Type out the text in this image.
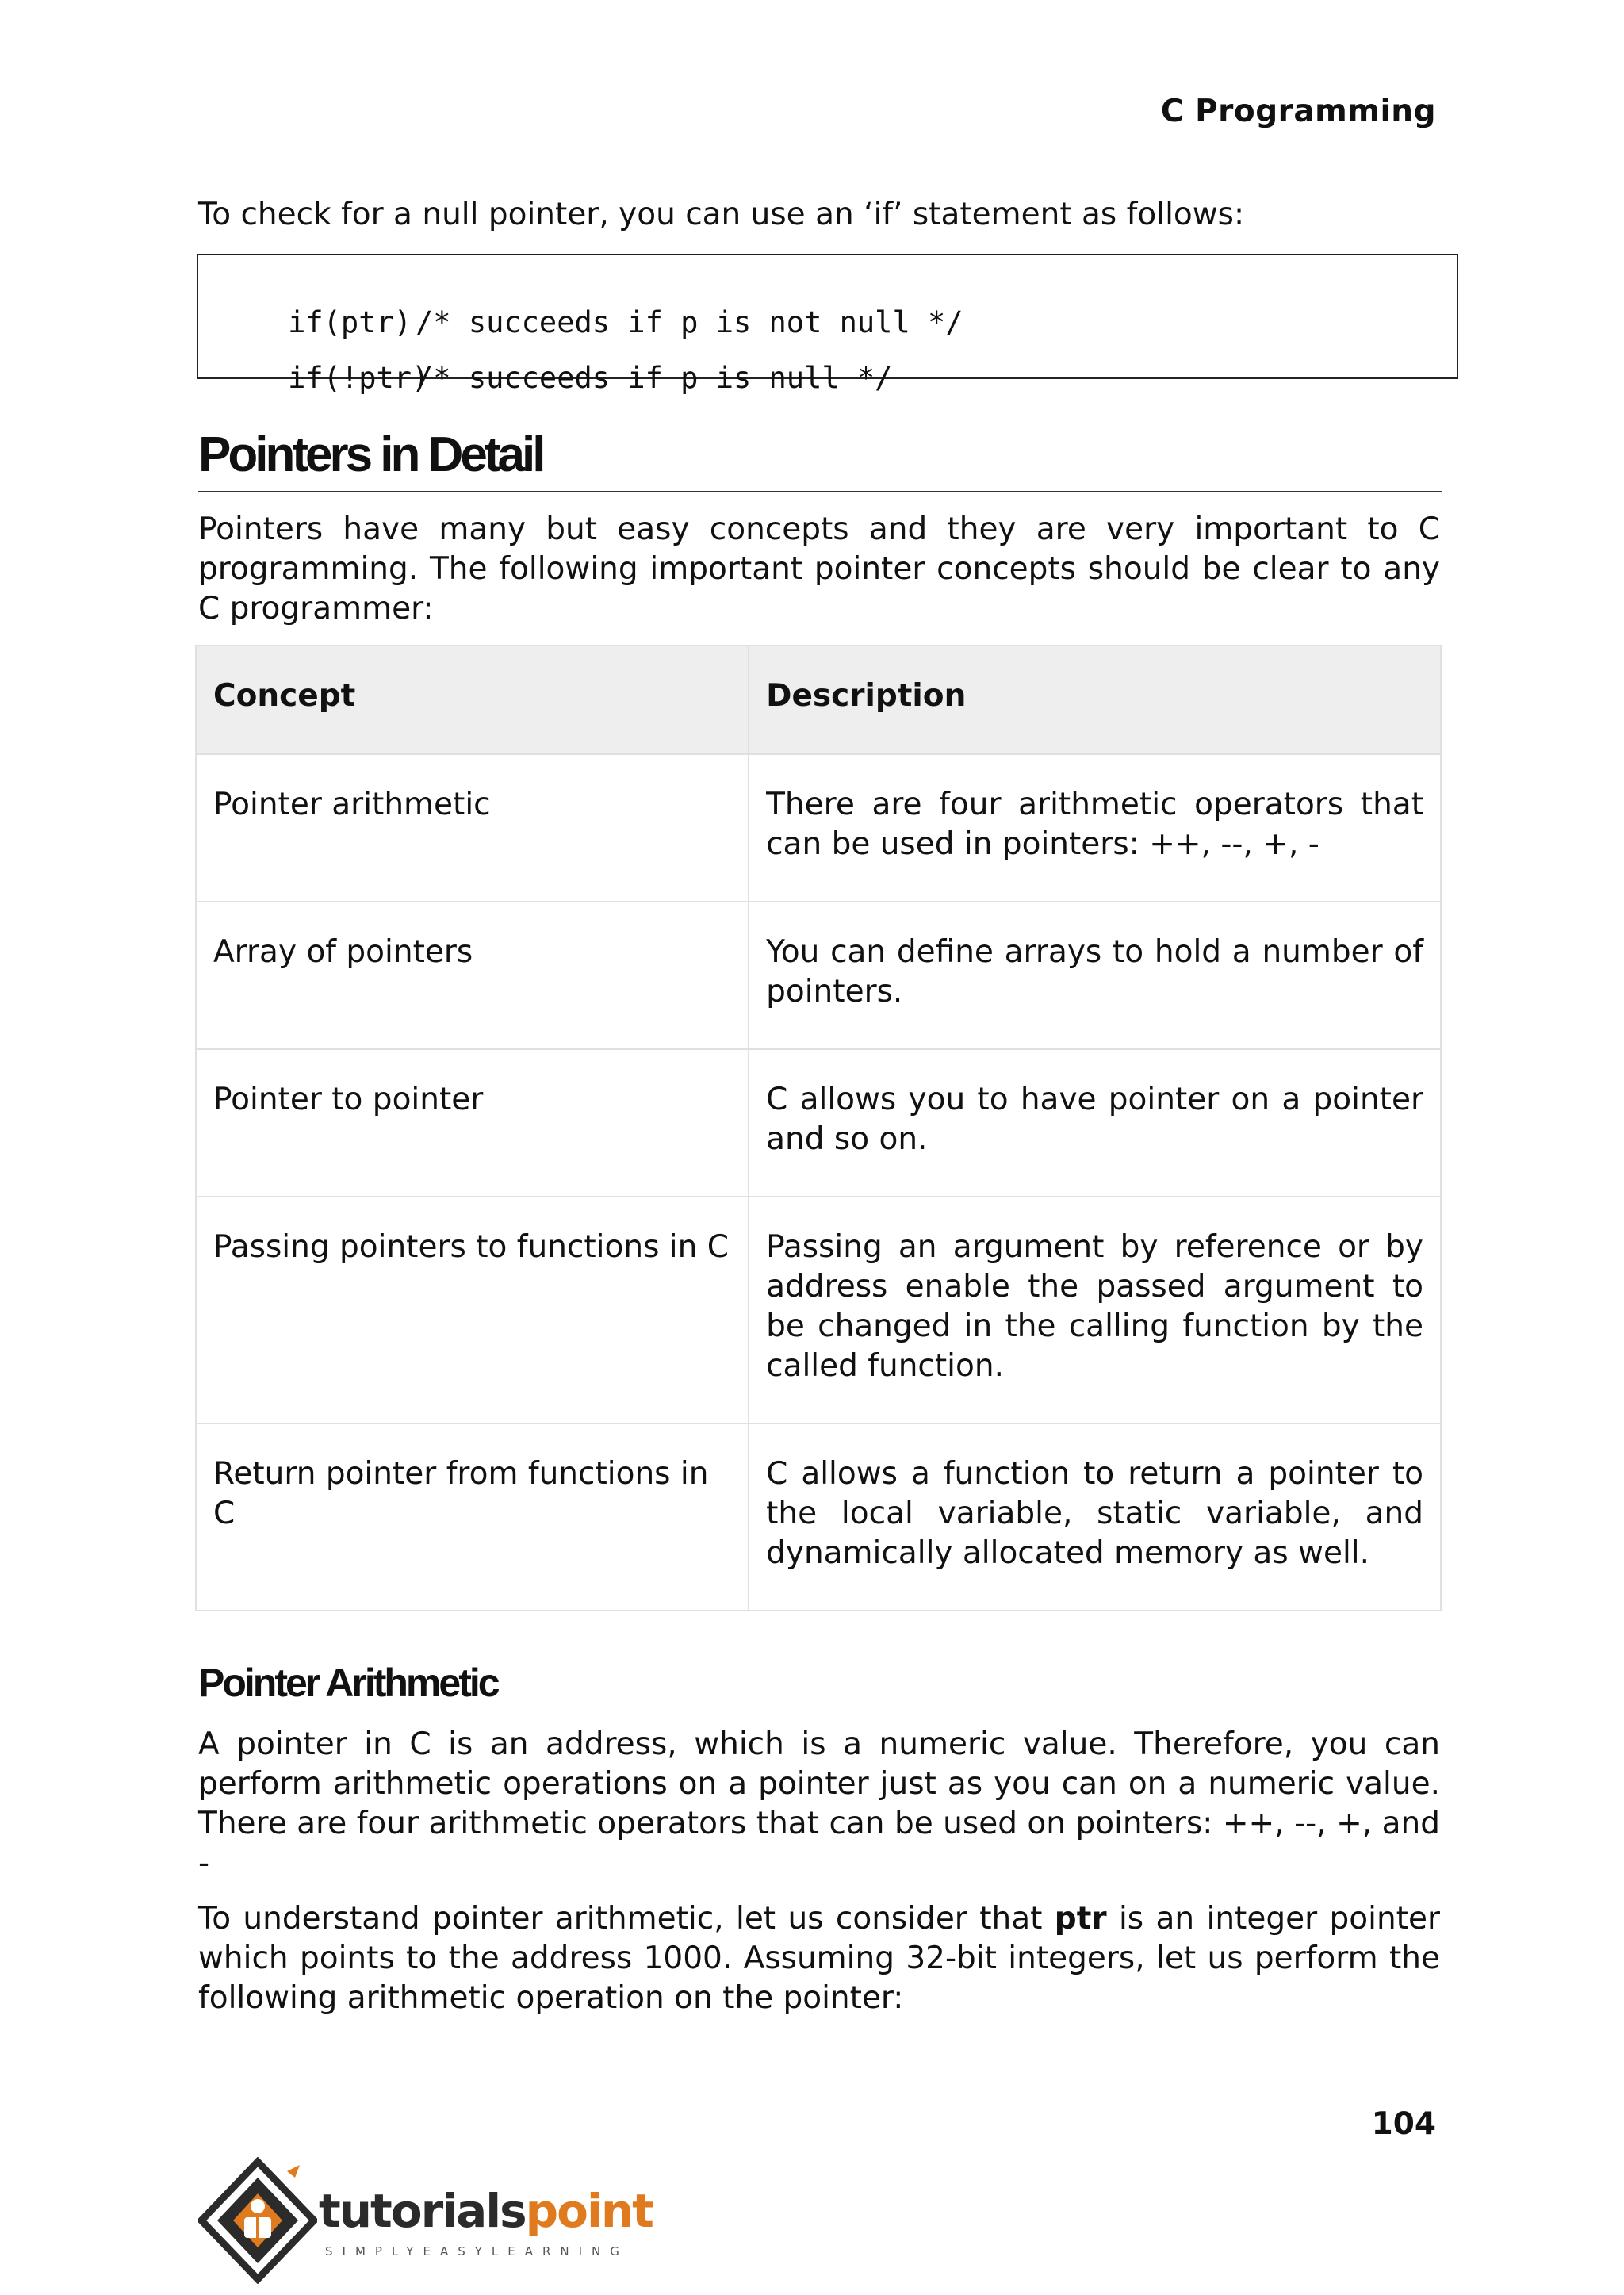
C Programming
To check for a null pointer, you can use an ‘if’ statement as follows:

if(ptr) /* succeeds if p is not null */

if(!ptr)
/* succeeds if p is null */

Pointers in Detail
Pointers have many but easy concepts and they are very important to C programming. The following important pointer concepts should be clear to any C programmer:
Concept	Description
Pointer arithmetic	There are four arithmetic operators that can be used in pointers: ++, --, +, -
Array of pointers	You can define arrays to hold a number of pointers.
Pointer to pointer	C allows you to have pointer on a pointer and so on.
Passing pointers to functions in C	Passing an argument by reference or by address enable the passed argument to be changed in the calling function by the called function.
Return pointer from functions in C	C allows a function to return a pointer to the local variable, static variable, and dynamically allocated memory as well.
Pointer Arithmetic
A pointer in C is an address, which is a numeric value. Therefore, you can perform arithmetic operations on a pointer just as you can on a numeric value. There are four arithmetic operators that can be used on pointers: ++, --, +, and -
To understand pointer arithmetic, let us consider that ptr is an integer pointer which points to the address 1000. Assuming 32-bit integers, let us perform the following arithmetic operation on the pointer:
104
tutorialspoint
SIMPLYEASYLEARNING
